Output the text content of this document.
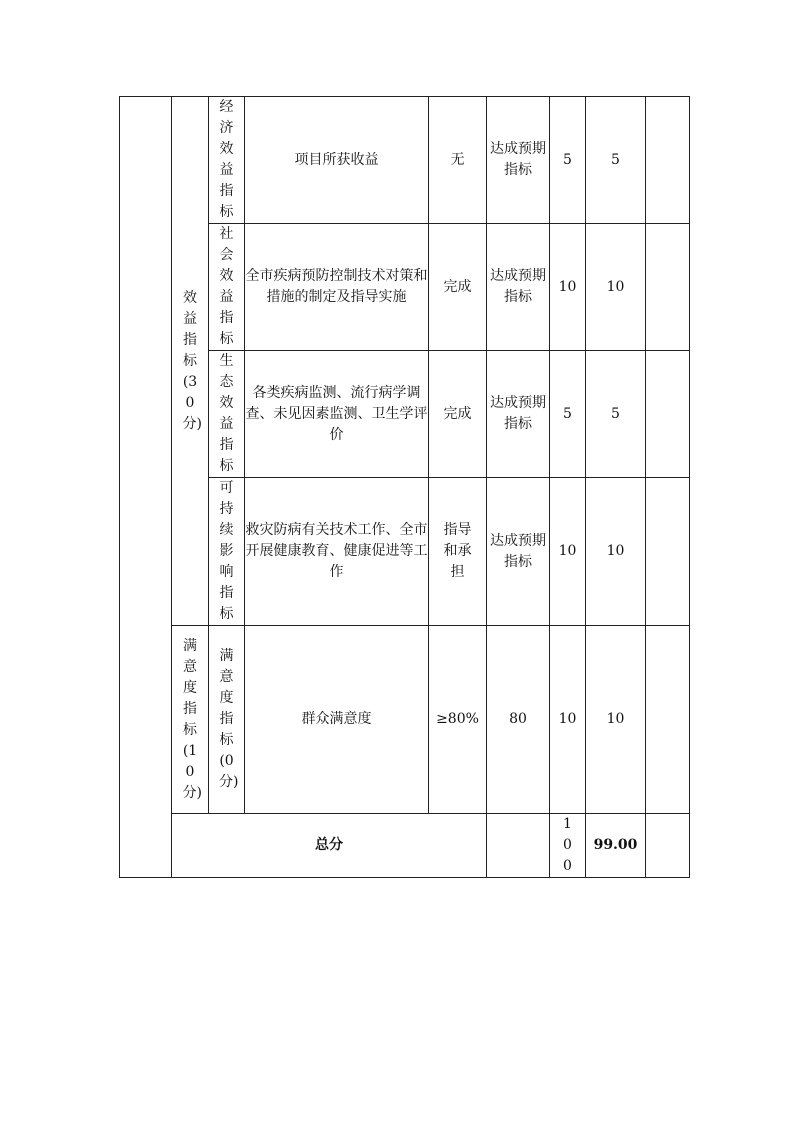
	效益指标(30分)	经济效益指标	项目所获收益	无	达成预期指标	5	5	
		社会效益指标	全市疾病预防控制技术对策和措施的制定及指导实施	完成	达成预期指标	10	10	
		生态效益指标	各类疾病监测、流行病学调查、未见因素监测、卫生学评价	完成	达成预期指标	5	5	
		可持续影响指标	救灾防病有关技术工作、全市开展健康教育、健康促进等工作	指导和承担	达成预期指标	10	10	
	满意度指标(10分)	满意度指标(0分)	群众满意度	≥80%	80	10	10	
	总分					100	99.00	
